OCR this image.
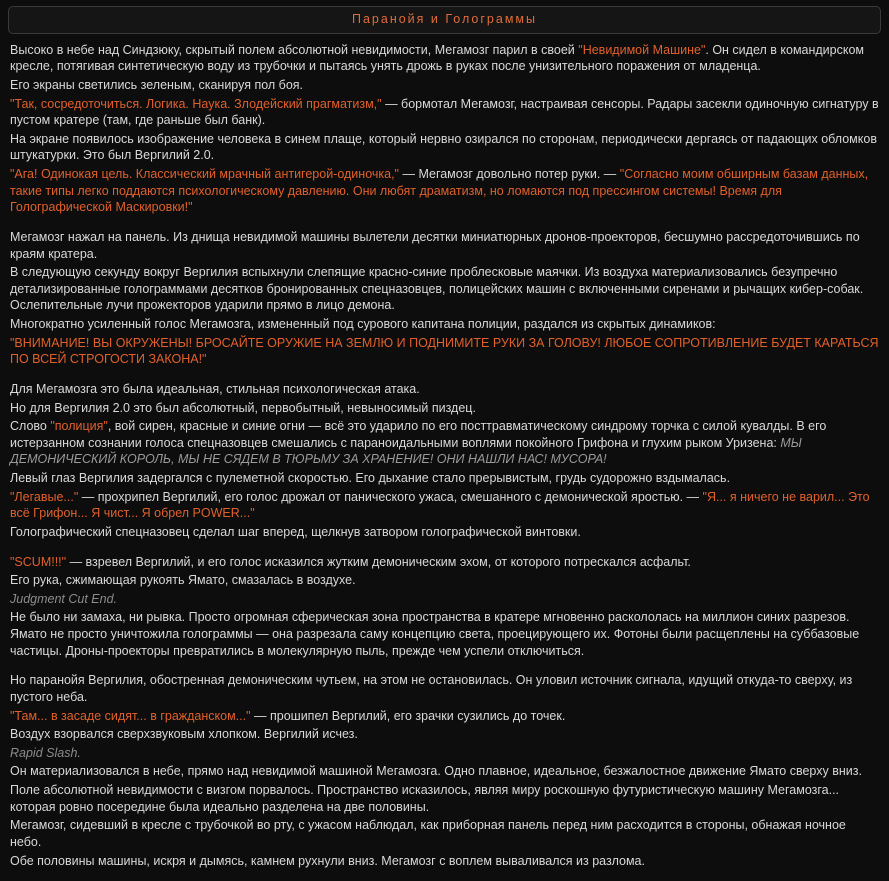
Паранойя и Голограммы

Высоко в небе над Синдзюку, скрытый полем абсолютной невидимости, Мегамозг парил в своей "Невидимой Машине". Он сидел в командирском кресле, потягивая синтетическую воду из трубочки и пытаясь унять дрожь в руках после унизительного поражения от младенца.

Его экраны светились зеленым, сканируя пол боя.

"Так, сосредоточиться. Логика. Наука. Злодейский прагматизм," — бормотал Мегамозг, настраивая сенсоры. Радары засекли одиночную сигнатуру в пустом кратере (там, где раньше был банк).

На экране появилось изображение человека в синем плаще, который нервно озирался по сторонам, периодически дергаясь от падающих обломков штукатурки. Это был Вергилий 2.0.

"Ага! Одинокая цель. Классический мрачный антигерой-одиночка," — Мегамозг довольно потер руки. — "Согласно моим обширным базам данных, такие типы легко поддаются психологическому давлению. Они любят драматизм, но ломаются под прессингом системы! Время для Голографической Маскировки!"

Мегамозг нажал на панель. Из днища невидимой машины вылетели десятки миниатюрных дронов-проекторов, бесшумно рассредоточившись по краям кратера.

В следующую секунду вокруг Вергилия вспыхнули слепящие красно-синие проблесковые маячки. Из воздуха материализовались безупречно детализированные голограммами десятков бронированных спецназовцев, полицейских машин с включенными сиренами и рычащих кибер-собак. Ослепительные лучи прожекторов ударили прямо в лицо демона.

Многократно усиленный голос Мегамозга, измененный под сурового капитана полиции, раздался из скрытых динамиков:

"ВНИМАНИЕ! ВЫ ОКРУЖЕНЫ! БРОСАЙТЕ ОРУЖИЕ НА ЗЕМЛЮ И ПОДНИМИТЕ РУКИ ЗА ГОЛОВУ! ЛЮБОЕ СОПРОТИВЛЕНИЕ БУДЕТ КАРАТЬСЯ ПО ВСЕЙ СТРОГОСТИ ЗАКОНА!"

Для Мегамозга это была идеальная, стильная психологическая атака.

Но для Вергилия 2.0 это был абсолютный, первобытный, невыносимый пиздец.

Слово "полиция", вой сирен, красные и синие огни — всё это ударило по его посттравматическому синдрому торчка с силой кувалды. В его истерзанном сознании голоса спецназовцев смешались с параноидальными воплями покойного Грифона и глухим рыком Уризена: МЫ ДЕМОНИЧЕСКИЙ КОРОЛЬ, МЫ НЕ СЯДЕМ В ТЮРЬМУ ЗА ХРАНЕНИЕ! ОНИ НАШЛИ НАС! МУСОРА!

Левый глаз Вергилия задергался с пулеметной скоростью. Его дыхание стало прерывистым, грудь судорожно вздымалась.

"Легавые..." — прохрипел Вергилий, его голос дрожал от панического ужаса, смешанного с демонической яростью. — "Я... я ничего не варил... Это всё Грифон... Я чист... Я обрел POWER..."

Голографический спецназовец сделал шаг вперед, щелкнув затвором голографической винтовки.

"SCUM!!!" — взревел Вергилий, и его голос исказился жутким демоническим эхом, от которого потрескался асфальт.

Его рука, сжимающая рукоять Ямато, смазалась в воздухе.

Judgment Cut End.

Не было ни замаха, ни рывка. Просто огромная сферическая зона пространства в кратере мгновенно раскололась на миллион синих разрезов. Ямато не просто уничтожила голограммы — она разрезала саму концепцию света, проецирующего их. Фотоны были расщеплены на суббазовые частицы. Дроны-проекторы превратились в молекулярную пыль, прежде чем успели отключиться.

Но паранойя Вергилия, обостренная демоническим чутьем, на этом не остановилась. Он уловил источник сигнала, идущий откуда-то сверху, из пустого неба.

"Там... в засаде сидят... в гражданском..." — прошипел Вергилий, его зрачки сузились до точек.

Воздух взорвался сверхзвуковым хлопком. Вергилий исчез.

Rapid Slash.

Он материализовался в небе, прямо над невидимой машиной Мегамозга. Одно плавное, идеальное, безжалостное движение Ямато сверху вниз.

Поле абсолютной невидимости с визгом порвалось. Пространство исказилось, являя миру роскошную футуристическую машину Мегамозга... которая ровно посередине была идеально разделена на две половины.

Мегамозг, сидевший в кресле с трубочкой во рту, с ужасом наблюдал, как приборная панель перед ним расходится в стороны, обнажая ночное небо.

Обе половины машины, искря и дымясь, камнем рухнули вниз. Мегамозг с воплем вываливался из разлома.
